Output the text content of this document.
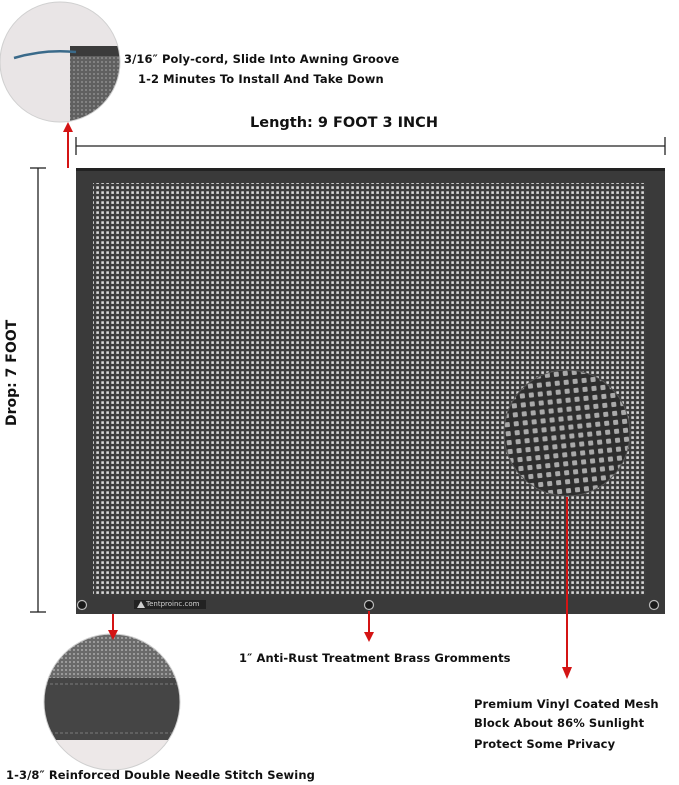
Tentproinc.com
3/16″ Poly-cord, Slide Into Awning Groove
1-2 Minutes To Install And Take Down
Length: 9 FOOT 3 INCH
Drop: 7 FOOT
1″ Anti-Rust Treatment Brass Gromments
Premium Vinyl Coated Mesh
Block About 86% Sunlight
Protect Some Privacy
1-3/8″ Reinforced Double Needle Stitch Sewing
